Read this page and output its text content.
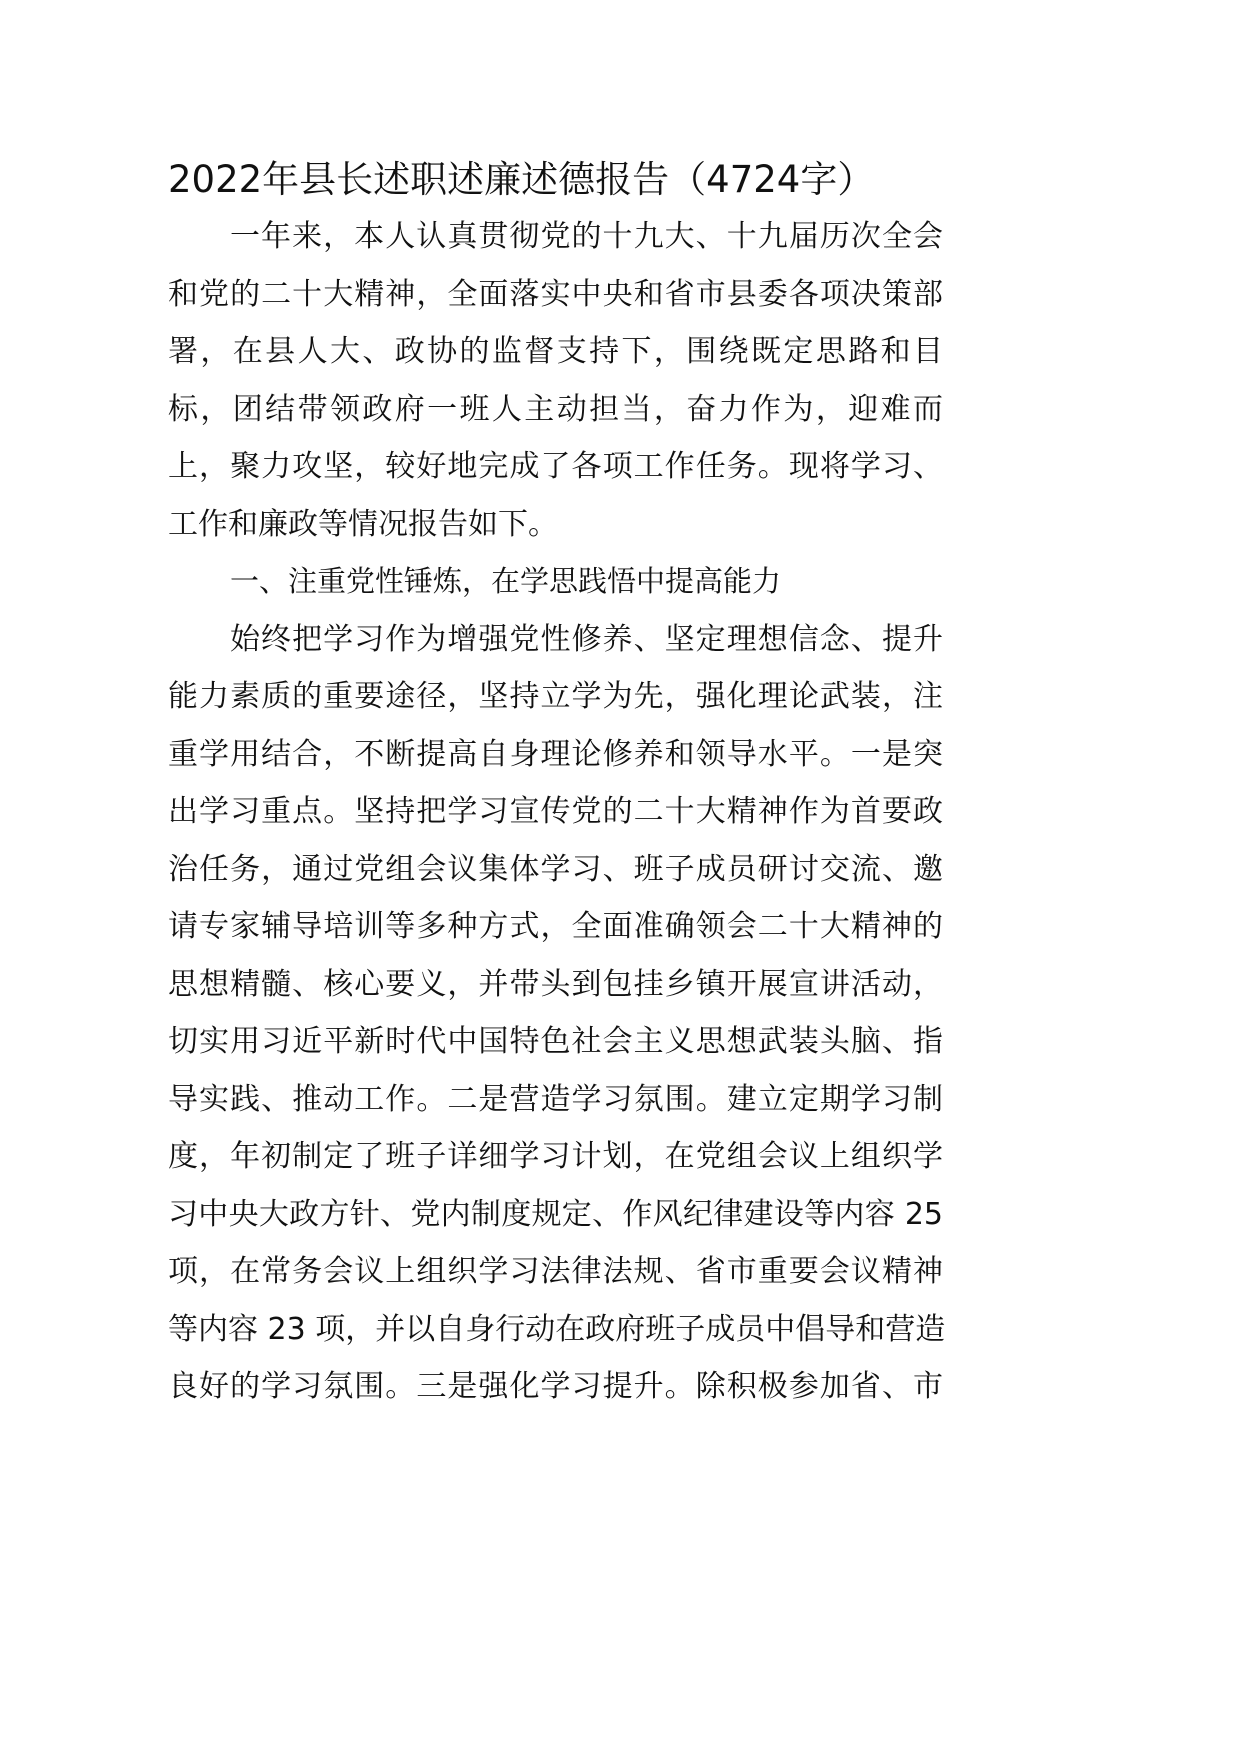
2022年县长述职述廉述德报告（4724字）
一年来，本人认真贯彻党的十九大、十九届历次全会
和党的二十大精神，全面落实中央和省市县委各项决策部
署，在县人大、政协的监督支持下，围绕既定思路和目
标，团结带领政府一班人主动担当，奋力作为，迎难而
上，聚力攻坚，较好地完成了各项工作任务。现将学习、
工作和廉政等情况报告如下。
一、注重党性锤炼，在学思践悟中提高能力
始终把学习作为增强党性修养、坚定理想信念、提升
能力素质的重要途径，坚持立学为先，强化理论武装，注
重学用结合，不断提高自身理论修养和领导水平。一是突
出学习重点。坚持把学习宣传党的二十大精神作为首要政
治任务，通过党组会议集体学习、班子成员研讨交流、邀
请专家辅导培训等多种方式，全面准确领会二十大精神的
思想精髓、核心要义，并带头到包挂乡镇开展宣讲活动，
切实用习近平新时代中国特色社会主义思想武装头脑、指
导实践、推动工作。二是营造学习氛围。建立定期学习制
度，年初制定了班子详细学习计划，在党组会议上组织学
习中央大政方针、党内制度规定、作风纪律建设等内容 25
项，在常务会议上组织学习法律法规、省市重要会议精神
等内容 23 项，并以自身行动在政府班子成员中倡导和营造
良好的学习氛围。三是强化学习提升。除积极参加省、市
